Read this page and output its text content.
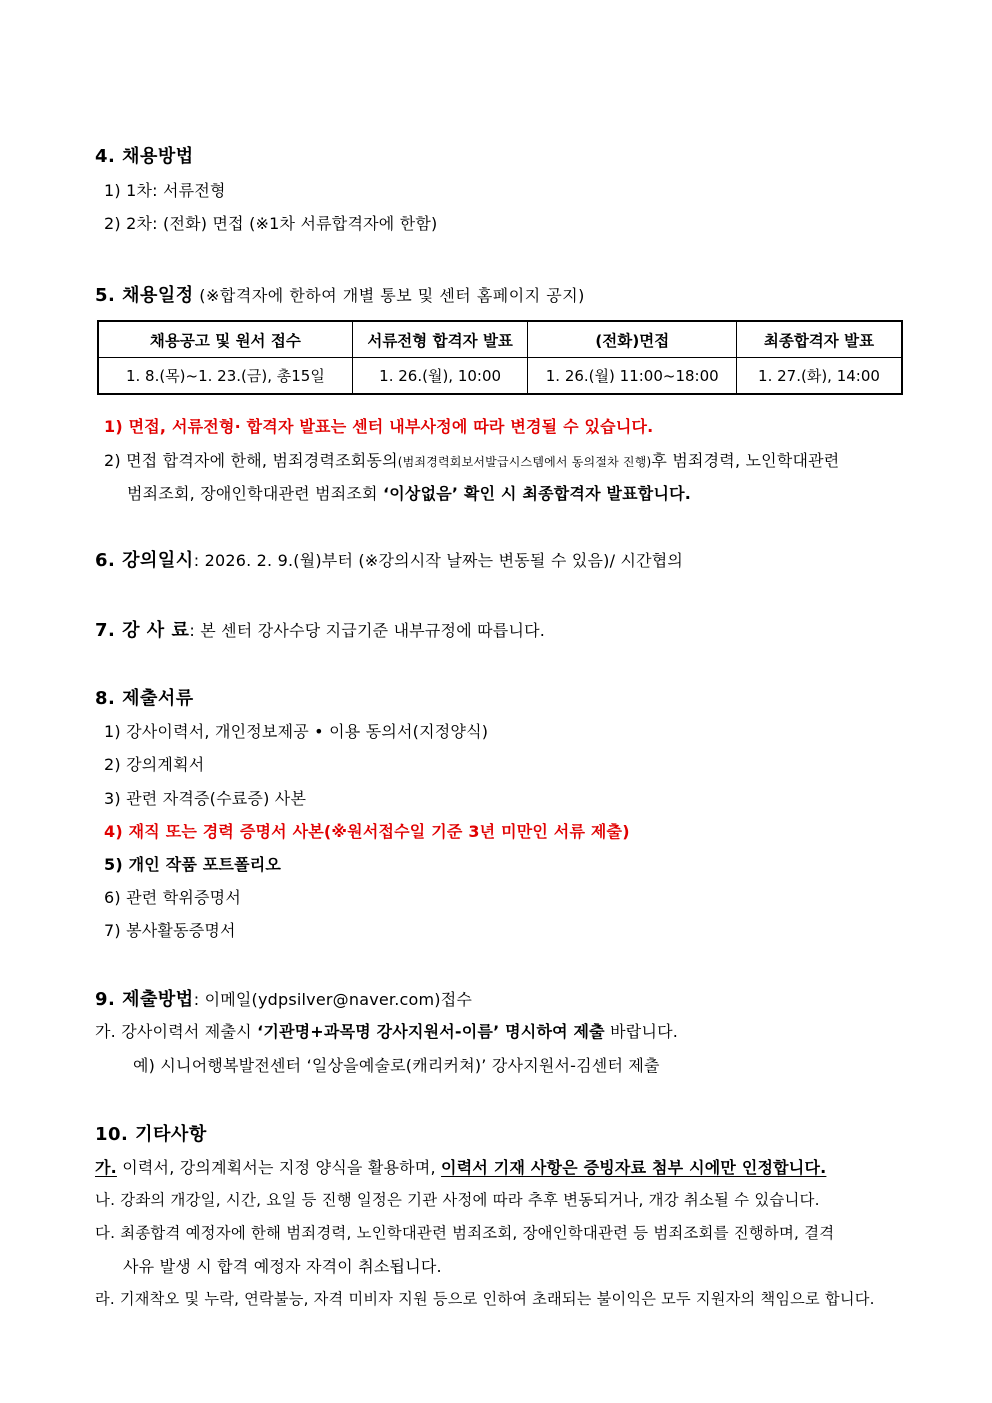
4. 채용방법
1) 1차: 서류전형
2) 2차: (전화) 면접 (※1차 서류합격자에 한함)
5. 채용일정 (※합격자에 한하여 개별 통보 및 센터 홈페이지 공지)
채용공고 및 원서 접수	서류전형 합격자 발표	(전화)면접	최종합격자 발표
1. 8.(목)~1. 23.(금), 총15일	1. 26.(월), 10:00	1. 26.(월) 11:00~18:00	1. 27.(화), 14:00
1) 면접, 서류전형· 합격자 발표는 센터 내부사정에 따라 변경될 수 있습니다.
2) 면접 합격자에 한해, 범죄경력조회동의(범죄경력회보서발급시스템에서 동의절차 진행)후 범죄경력, 노인학대관련
범죄조회, 장애인학대관련 범죄조회 ‘이상없음’ 확인 시 최종합격자 발표합니다.
6. 강의일시: 2026. 2. 9.(월)부터 (※강의시작 날짜는 변동될 수 있음)/ 시간협의
7. 강 사 료: 본 센터 강사수당 지급기준 내부규정에 따릅니다.
8. 제출서류
1) 강사이력서, 개인정보제공 • 이용 동의서(지정양식)
2) 강의계획서
3) 관련 자격증(수료증) 사본
4) 재직 또는 경력 증명서 사본(※원서접수일 기준 3년 미만인 서류 제출)
5) 개인 작품 포트폴리오
6) 관련 학위증명서
7) 봉사활동증명서
9. 제출방법: 이메일(ydpsilver@naver.com)접수
가. 강사이력서 제출시 ‘기관명+과목명 강사지원서-이름’ 명시하여 제출 바랍니다.
예) 시니어행복발전센터 ‘일상을예술로(캐리커쳐)’ 강사지원서-김센터 제출
10. 기타사항
가. 이력서, 강의계획서는 지정 양식을 활용하며, 이력서 기재 사항은 증빙자료 첨부 시에만 인정합니다.
나. 강좌의 개강일, 시간, 요일 등 진행 일정은 기관 사정에 따라 추후 변동되거나, 개강 취소될 수 있습니다.
다. 최종합격 예정자에 한해 범죄경력, 노인학대관련 범죄조회, 장애인학대관련 등 범죄조회를 진행하며, 결격
사유 발생 시 합격 예정자 자격이 취소됩니다.
라. 기재착오 및 누락, 연락불능, 자격 미비자 지원 등으로 인하여 초래되는 불이익은 모두 지원자의 책임으로 합니다.
